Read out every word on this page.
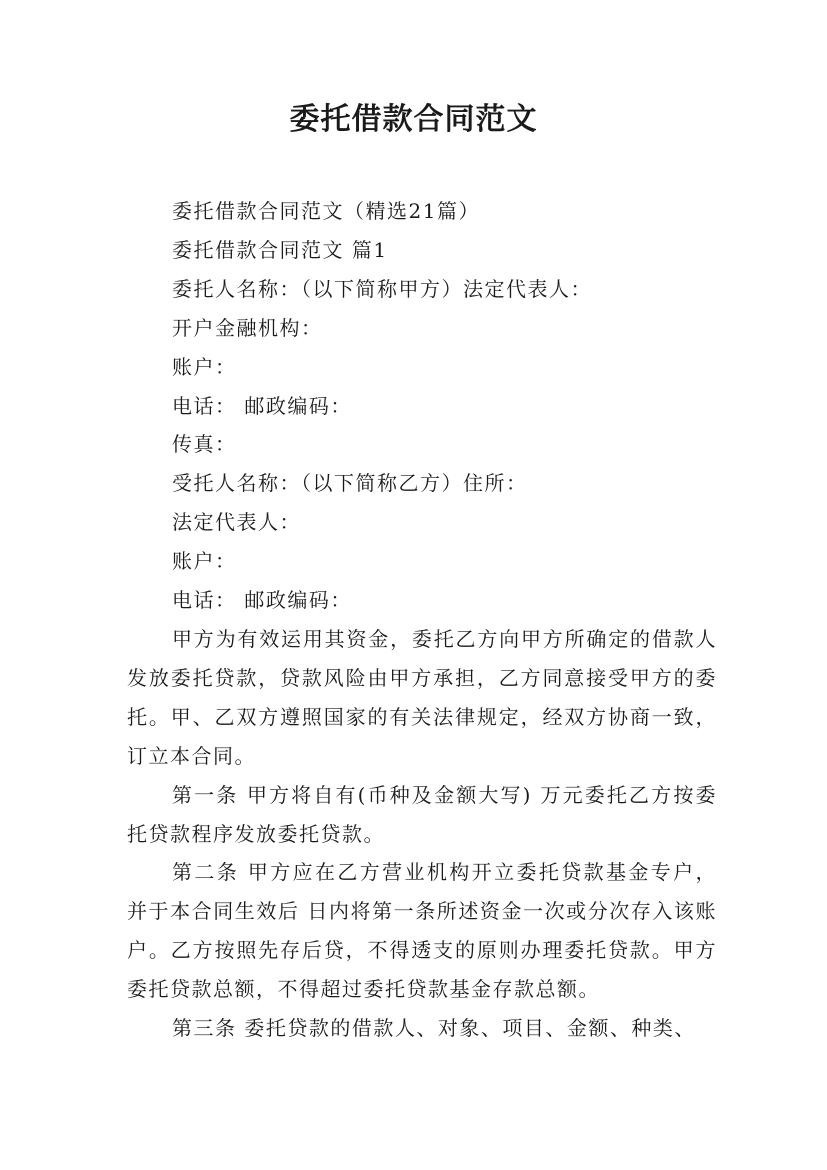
委托借款合同范文
委托借款合同范文（精选21篇）
委托借款合同范文 篇1
委托人名称：（以下简称甲方）法定代表人：
开户金融机构：
账户：
电话： 邮政编码：
传真：
受托人名称：（以下简称乙方）住所：
法定代表人：
账户：
电话： 邮政编码：
甲方为有效运用其资金，委托乙方向甲方所确定的借款人发放委托贷款，贷款风险由甲方承担，乙方同意接受甲方的委托。甲、乙双方遵照国家的有关法律规定，经双方协商一致，订立本合同。
第一条 甲方将自有(币种及金额大写) 万元委托乙方按委托贷款程序发放委托贷款。
第二条 甲方应在乙方营业机构开立委托贷款基金专户，并于本合同生效后 日内将第一条所述资金一次或分次存入该账户。乙方按照先存后贷，不得透支的原则办理委托贷款。甲方委托贷款总额，不得超过委托贷款基金存款总额。
第三条 委托贷款的借款人、对象、项目、金额、种类、
